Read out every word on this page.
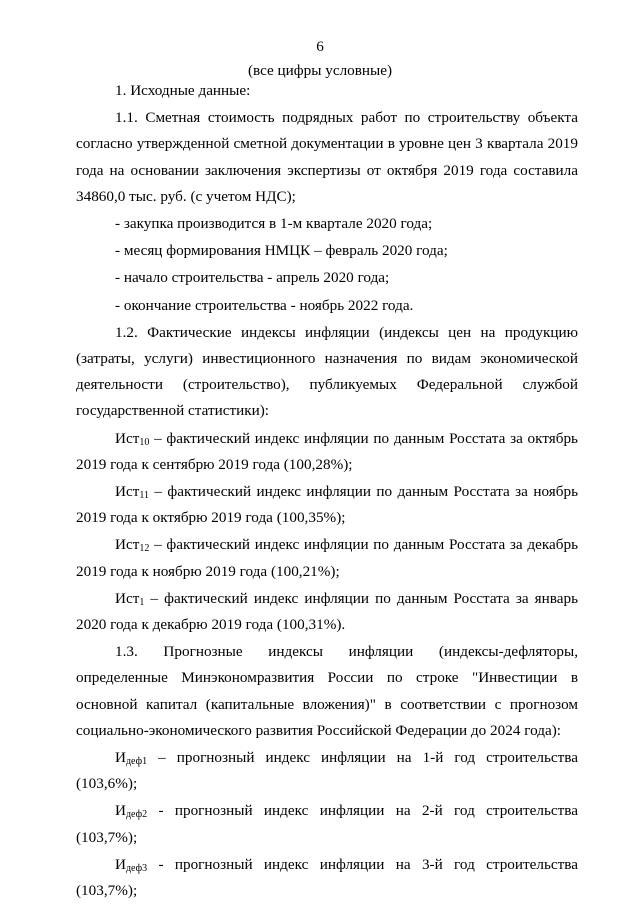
6
(все цифры условные)

1. Исходные данные:

1.1. Сметная стоимость подрядных работ по строительству объекта согласно утвержденной сметной документации в уровне цен 3 квартала 2019 года на основании заключения экспертизы от октября 2019 года составила 34860,0 тыс. руб. (с учетом НДС);

- закупка производится в 1-м квартале 2020 года;

- месяц формирования НМЦК – февраль 2020 года;

- начало строительства - апрель 2020 года;

- окончание строительства - ноябрь 2022 года.

1.2. Фактические индексы инфляции (индексы цен на продукцию (затраты, услуги) инвестиционного назначения по видам экономической деятельности (строительство), публикуемых Федеральной службой государственной статистики):

Ист$_{10}$ – фактический индекс инфляции по данным Росстата за октябрь 2019 года к сентябрю 2019 года (100,28%);

Ист$_{11}$ – фактический индекс инфляции по данным Росстата за ноябрь 2019 года к октябрю 2019 года (100,35%);

Ист$_{12}$ – фактический индекс инфляции по данным Росстата за декабрь 2019 года к ноябрю 2019 года (100,21%);

Ист$_1$ – фактический индекс инфляции по данным Росстата за январь 2020 года к декабрю 2019 года (100,31%).

1.3. Прогнозные индексы инфляции (индексы-дефляторы, определенные Минэкономразвития России по строке "Инвестиции в основной капитал (капитальные вложения)" в соответствии с прогнозом социально-экономического развития Российской Федерации до 2024 года):

$И_{деф1}$ – прогнозный индекс инфляции на 1-й год строительства (103,6%);

$И_{деф2}$ - прогнозный индекс инфляции на 2-й год строительства (103,7%);

$И_{деф3}$ - прогнозный индекс инфляции на 3-й год строительства (103,7%);
